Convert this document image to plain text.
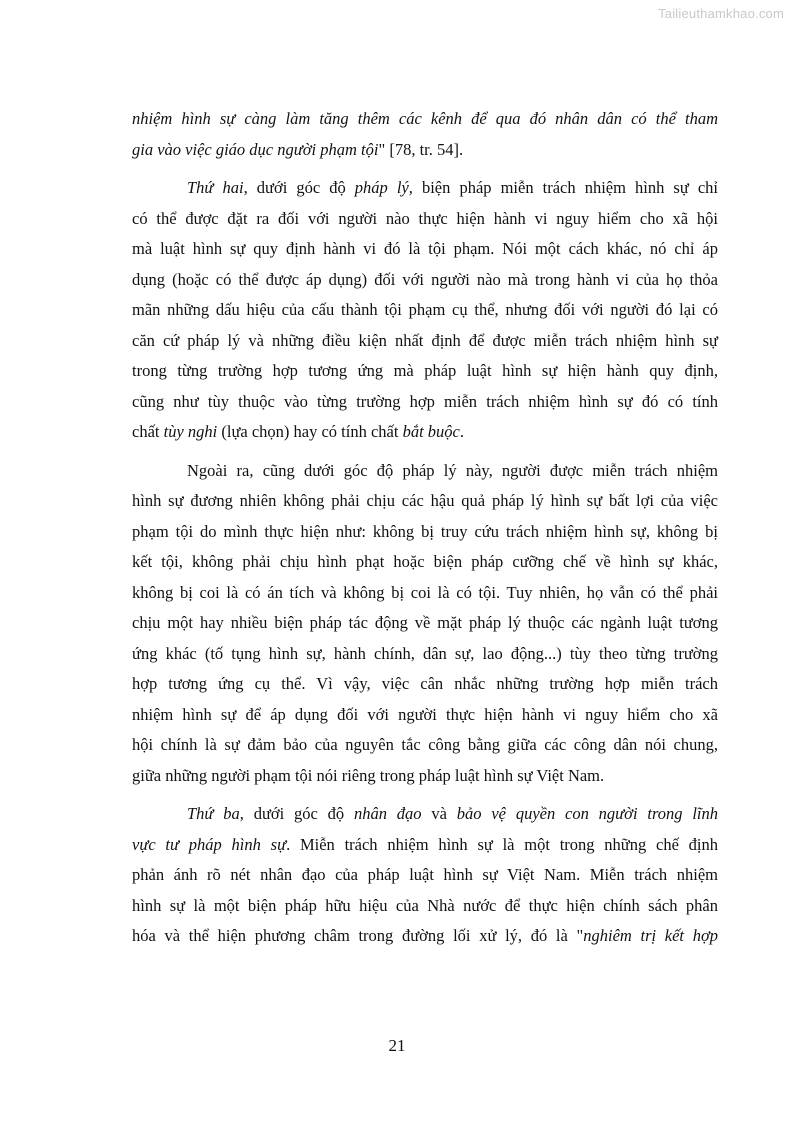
Tailieuthamkhao.com
nhiệm hình sự càng làm tăng thêm các kênh để qua đó nhân dân có thể tham
gia vào việc giáo dục người phạm tội" [78, tr. 54].
Thứ hai, dưới góc độ pháp lý, biện pháp miễn trách nhiệm hình sự chỉ
có thể được đặt ra đối với người nào thực hiện hành vi nguy hiểm cho xã hội
mà luật hình sự quy định hành vi đó là tội phạm. Nói một cách khác, nó chỉ áp
dụng (hoặc có thể được áp dụng) đối với người nào mà trong hành vi của họ thỏa
mãn những dấu hiệu của cấu thành tội phạm cụ thể, nhưng đối với người đó lại có
căn cứ pháp lý và những điều kiện nhất định để được miễn trách nhiệm hình sự
trong từng trường hợp tương ứng mà pháp luật hình sự hiện hành quy định,
cũng như tùy thuộc vào từng trường hợp miễn trách nhiệm hình sự đó có tính
chất tùy nghi (lựa chọn) hay có tính chất bắt buộc.
Ngoài ra, cũng dưới góc độ pháp lý này, người được miễn trách nhiệm
hình sự đương nhiên không phải chịu các hậu quả pháp lý hình sự bất lợi của việc
phạm tội do mình thực hiện như: không bị truy cứu trách nhiệm hình sự, không bị
kết tội, không phải chịu hình phạt hoặc biện pháp cưỡng chế về hình sự khác,
không bị coi là có án tích và không bị coi là có tội. Tuy nhiên, họ vẫn có thể phải
chịu một hay nhiều biện pháp tác động về mặt pháp lý thuộc các ngành luật tương
ứng khác (tố tụng hình sự, hành chính, dân sự, lao động...) tùy theo từng trường
hợp tương ứng cụ thể. Vì vậy, việc cân nhắc những trường hợp miễn trách
nhiệm hình sự để áp dụng đối với người thực hiện hành vi nguy hiểm cho xã
hội chính là sự đảm bảo của nguyên tắc công bằng giữa các công dân nói chung,
giữa những người phạm tội nói riêng trong pháp luật hình sự Việt Nam.
Thứ ba, dưới góc độ nhân đạo và bảo vệ quyền con người trong lĩnh
vực tư pháp hình sự. Miễn trách nhiệm hình sự là một trong những chế định
phản ánh rõ nét nhân đạo của pháp luật hình sự Việt Nam. Miễn trách nhiệm
hình sự là một biện pháp hữu hiệu của Nhà nước để thực hiện chính sách phân
hóa và thể hiện phương châm trong đường lối xử lý, đó là "nghiêm trị kết hợp
21
